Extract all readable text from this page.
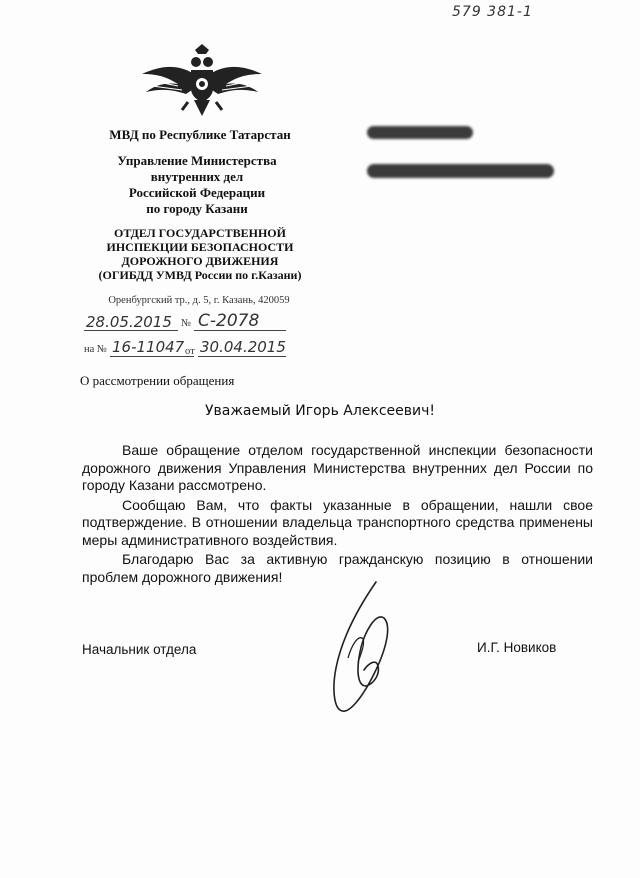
579 381-1
МВД по Республике Татарстан
Управление Министерства
внутренних дел
Российской Федерации
по городу Казани
ОТДЕЛ ГОСУДАРСТВЕННОЙ
ИНСПЕКЦИИ БЕЗОПАСНОСТИ
ДОРОЖНОГО ДВИЖЕНИЯ
(ОГИБДД УМВД России по г.Казани)
Оренбургский тр., д. 5, г. Казань, 420059
28.05.2015 № С-2078
на № 16-11047 от 30.04.2015
О рассмотрении обращения
Уважаемый Игорь Алексеевич!

Ваше обращение отделом государственной инспекции безопасности дорожного движения Управления Министерства внутренних дел России по городу Казани рассмотрено.

Сообщаю Вам, что факты указанные в обращении, нашли свое подтверждение. В отношении владельца транспортного средства применены меры административного воздействия.

Благодарю Вас за активную гражданскую позицию в отношении проблем дорожного движения!

Начальник отдела	И.Г. Новиков
